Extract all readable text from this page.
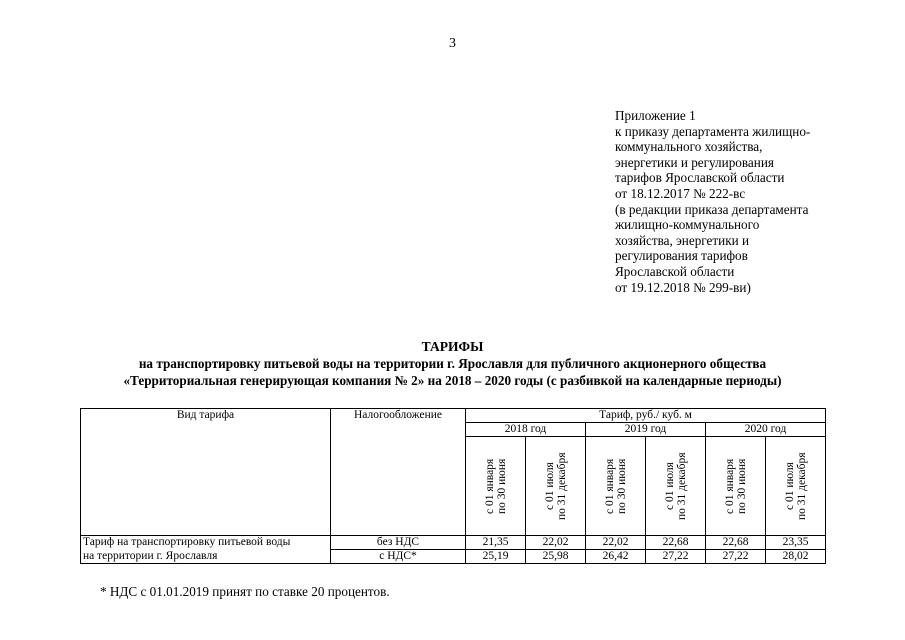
3
Приложение 1
к приказу департамента жилищно-
коммунального хозяйства,
энергетики и регулирования
тарифов Ярославской области
от 18.12.2017 № 222-вс
(в редакции приказа департамента
жилищно-коммунального
хозяйства, энергетики и
регулирования тарифов
Ярославской области
от 19.12.2018 № 299-ви)
ТАРИФЫ
на транспортировку питьевой воды на территории г. Ярославля для публичного акционерного общества
«Территориальная генерирующая компания № 2» на 2018 – 2020 годы (с разбивкой на календарные периоды)
Вид тарифа	Налогообложение	Тариф, руб./ куб. м					
		2018 год		2019 год		2020 год	

		с 01 января по 30 июня	с 01 июля по 31 декабря	с 01 января по 30 июня	с 01 июля по 31 декабря	с 01 января по 30 июня	с 01 июля по 31 декабря

Тариф на транспортировку питьевой воды	без НДС	21,35	22,02	22,02	22,68	22,68	23,35
на территории г. Ярославля	с НДС*	25,19	25,98	26,42	27,22	27,22	28,02
* НДС с 01.01.2019 принят по ставке 20 процентов.
